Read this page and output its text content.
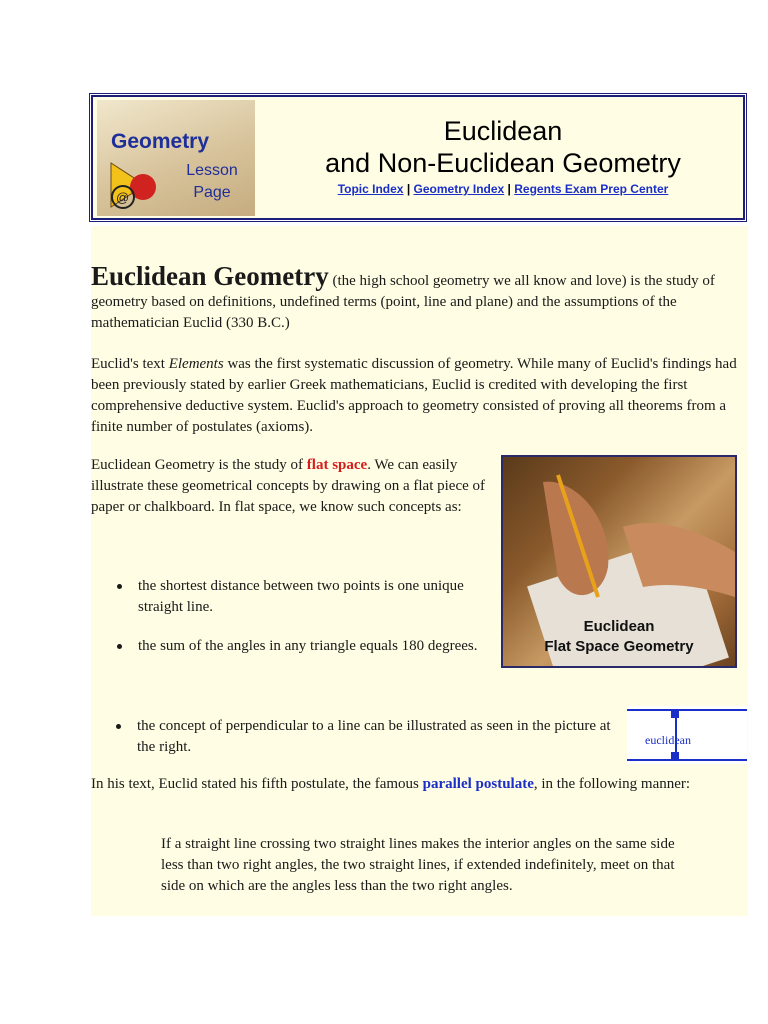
@
Geometry
Lesson
Page
Euclidean
and Non-Euclidean Geometry
Topic Index | Geometry Index | Regents Exam Prep Center

Euclidean Geometry (the high school geometry we all know and love) is the study of geometry based on definitions, undefined terms (point, line and plane) and the assumptions of the mathematician Euclid (330 B.C.)

Euclid's text Elements was the first systematic discussion of geometry. While many of Euclid's findings had been previously stated by earlier Greek mathematicians, Euclid is credited with developing the first comprehensive deductive system. Euclid's approach to geometry consisted of proving all theorems from a finite number of postulates (axioms).

Euclidean Geometry is the study of flat space. We can easily illustrate these geometrical concepts by drawing on a flat piece of paper or chalkboard. In flat space, we know such concepts as:

Euclidean
Flat Space Geometry
the shortest distance between two points is one unique straight line.
the sum of the angles in any triangle equals 180 degrees.
the concept of perpendicular to a line can be illustrated as seen in the picture at the right.	euclidean

In his text, Euclid stated his fifth postulate, the famous parallel postulate, in the following manner:

If a straight line crossing two straight lines makes the interior angles on the same side less than two right angles, the two straight lines, if extended indefinitely, meet on that side on which are the angles less than the two right angles.
